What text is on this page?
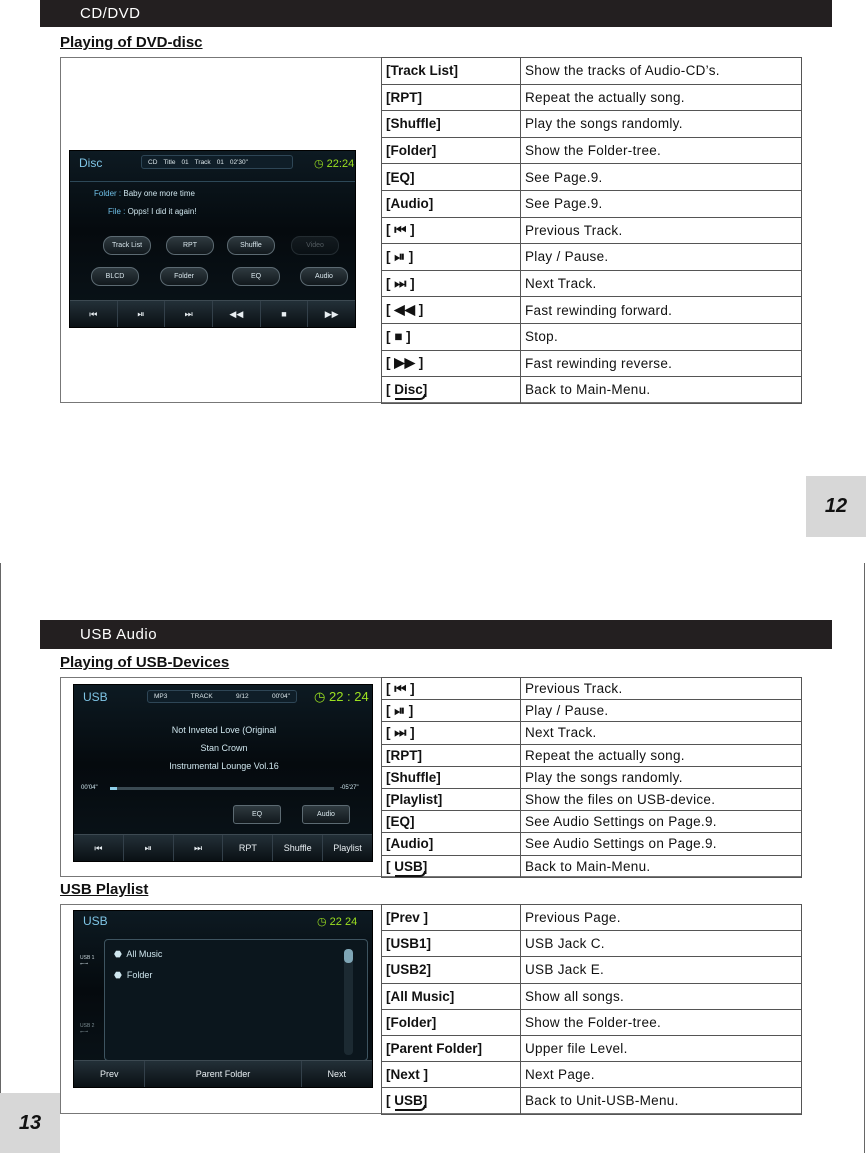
CD/DVD
Playing of DVD-disc
Disc	CD Title 01 Track 01 02'30"	◷ 22:24
Folder : Baby one more time
File : Opps! I did it again!
Track List	RPT	Shuffle	Video
BLCD	Folder	EQ	Audio
⏮	⏯	⏭	◀◀	■	▶▶
[Track List]	Show the tracks of Audio-CD’s.
[RPT]	Repeat the actually song.
[Shuffle]	Play the songs randomly.
[Folder]	Show the Folder-tree.
[EQ]	See Page.9.
[Audio]	See Page.9.
[ ⏮ ]	Previous Track.
[ ⏯ ]	Play / Pause.
[ ⏭ ]	Next Track.
[ ◀◀ ]	Fast rewinding forward.
[ ■ ]	Stop.
[ ▶▶ ]	Fast rewinding reverse.
[ Disc]	Back to Main-Menu.
12
USB Audio
Playing of USB-Devices
USB	MP3	TRACK	9/12	00'04" ◷ 22 : 24
Not Inveted Love (Original
Stan Crown
Instrumental Lounge Vol.16
00'04"	-05'27"
EQ	Audio
⏮	⏯	⏭	RPT	Shuffle	Playlist
[ ⏮ ]	Previous Track.
[ ⏯ ]	Play / Pause.
[ ⏭ ]	Next Track.
[RPT]	Repeat the actually song.
[Shuffle]	Play the songs randomly.
[Playlist]	Show the files on USB-device.
[EQ]	See Audio Settings on Page.9.
[Audio]	See Audio Settings on Page.9.
[ USB]	Back to Main-Menu.
USB Playlist
USB	◷ 22 24
USB 1
⭠⊸
USB 2
⭠⊸
⬣ All Music
⬣ Folder
Prev	Parent Folder	Next
[Prev ]	Previous Page.
[USB1]	USB Jack C.
[USB2]	USB Jack E.
[All Music]	Show all songs.
[Folder]	Show the Folder-tree.
[Parent Folder]	Upper file Level.
[Next ]	Next Page.
[ USB]	Back to Unit-USB-Menu.
13
